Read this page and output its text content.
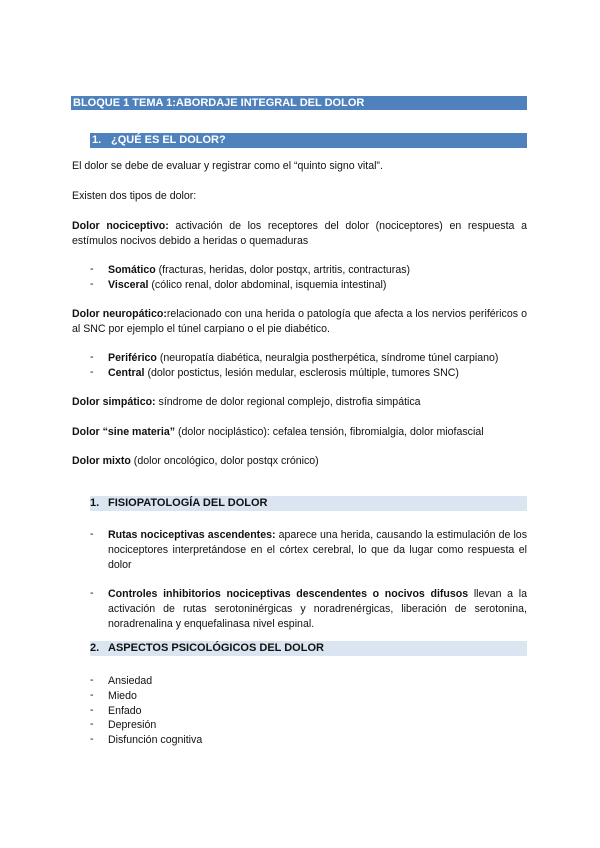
BLOQUE 1 TEMA 1:ABORDAJE INTEGRAL DEL DOLOR
1. ¿QUÉ ES EL DOLOR?
El dolor se debe de evaluar y registrar como el “quinto signo vital”.
Existen dos tipos de dolor:
Dolor nociceptivo: activación de los receptores del dolor (nociceptores) en respuesta a estímulos nocivos debido a heridas o quemaduras
- Somático (fracturas, heridas, dolor postqx, artritis, contracturas)
- Visceral (cólico renal, dolor abdominal, isquemia intestinal)
Dolor neuropático:relacionado con una herida o patología que afecta a los nervios periféricos o al SNC por ejemplo el túnel carpiano o el pie diabético.
- Periférico (neuropatía diabética, neuralgia postherpética, síndrome túnel carpiano)
- Central (dolor postictus, lesión medular, esclerosis múltiple, tumores SNC)
Dolor simpático: síndrome de dolor regional complejo, distrofia simpática
Dolor “sine materia” (dolor nociplástico): cefalea tensión, fibromialgia, dolor miofascial
Dolor mixto (dolor oncológico, dolor postqx crónico)
1. FISIOPATOLOGÍA DEL DOLOR
- Rutas nociceptivas ascendentes: aparece una herida, causando la estimulación de los nociceptores interpretándose en el córtex cerebral, lo que da lugar como respuesta el dolor
- Controles inhibitorios nociceptivas descendentes o nocivos difusos llevan a la activación de rutas serotoninérgicas y noradrenérgicas, liberación de serotonina, noradrenalina y enquefalinasa nivel espinal.
2. ASPECTOS PSICOLÓGICOS DEL DOLOR
- Ansiedad
- Miedo
- Enfado
- Depresión
- Disfunción cognitiva
